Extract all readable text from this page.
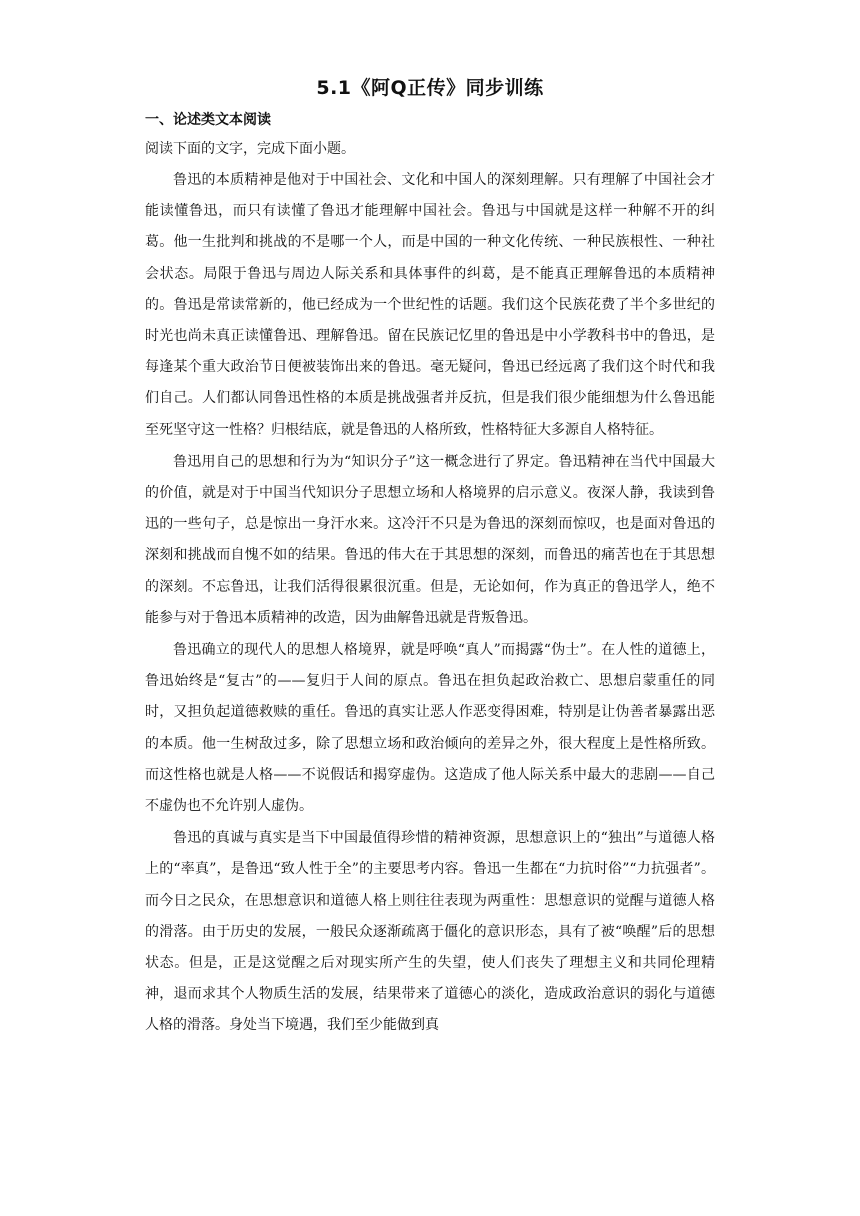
5.1《阿Q正传》同步训练
一、论述类文本阅读
阅读下面的文字，完成下面小题。

鲁迅的本质精神是他对于中国社会、文化和中国人的深刻理解。只有理解了中国社会才能读懂鲁迅，而只有读懂了鲁迅才能理解中国社会。鲁迅与中国就是这样一种解不开的纠葛。他一生批判和挑战的不是哪一个人，而是中国的一种文化传统、一种民族根性、一种社会状态。局限于鲁迅与周边人际关系和具体事件的纠葛，是不能真正理解鲁迅的本质精神的。鲁迅是常读常新的，他已经成为一个世纪性的话题。我们这个民族花费了半个多世纪的时光也尚未真正读懂鲁迅、理解鲁迅。留在民族记忆里的鲁迅是中小学教科书中的鲁迅，是每逢某个重大政治节日便被装饰出来的鲁迅。毫无疑问，鲁迅已经远离了我们这个时代和我们自己。人们都认同鲁迅性格的本质是挑战强者并反抗，但是我们很少能细想为什么鲁迅能至死坚守这一性格？归根结底，就是鲁迅的人格所致，性格特征大多源自人格特征。

鲁迅用自己的思想和行为为“知识分子”这一概念进行了界定。鲁迅精神在当代中国最大的价值，就是对于中国当代知识分子思想立场和人格境界的启示意义。夜深人静，我读到鲁迅的一些句子，总是惊出一身汗水来。这冷汗不只是为鲁迅的深刻而惊叹，也是面对鲁迅的深刻和挑战而自愧不如的结果。鲁迅的伟大在于其思想的深刻，而鲁迅的痛苦也在于其思想的深刻。不忘鲁迅，让我们活得很累很沉重。但是，无论如何，作为真正的鲁迅学人，绝不能参与对于鲁迅本质精神的改造，因为曲解鲁迅就是背叛鲁迅。

鲁迅确立的现代人的思想人格境界，就是呼唤“真人”而揭露“伪士”。在人性的道德上，鲁迅始终是“复古”的——复归于人间的原点。鲁迅在担负起政治救亡、思想启蒙重任的同时，又担负起道德救赎的重任。鲁迅的真实让恶人作恶变得困难，特别是让伪善者暴露出恶的本质。他一生树敌过多，除了思想立场和政治倾向的差异之外，很大程度上是性格所致。而这性格也就是人格——不说假话和揭穿虚伪。这造成了他人际关系中最大的悲剧——自己不虚伪也不允许别人虚伪。

鲁迅的真诚与真实是当下中国最值得珍惜的精神资源，思想意识上的“独出”与道德人格上的“率真”，是鲁迅“致人性于全”的主要思考内容。鲁迅一生都在“力抗时俗”“力抗强者”。而今日之民众，在思想意识和道德人格上则往往表现为两重性：思想意识的觉醒与道德人格的滑落。由于历史的发展，一般民众逐渐疏离于僵化的意识形态，具有了被“唤醒”后的思想状态。但是，正是这觉醒之后对现实所产生的失望，使人们丧失了理想主义和共同伦理精神，退而求其个人物质生活的发展，结果带来了道德心的淡化，造成政治意识的弱化与道德人格的滑落。身处当下境遇，我们至少能做到真
